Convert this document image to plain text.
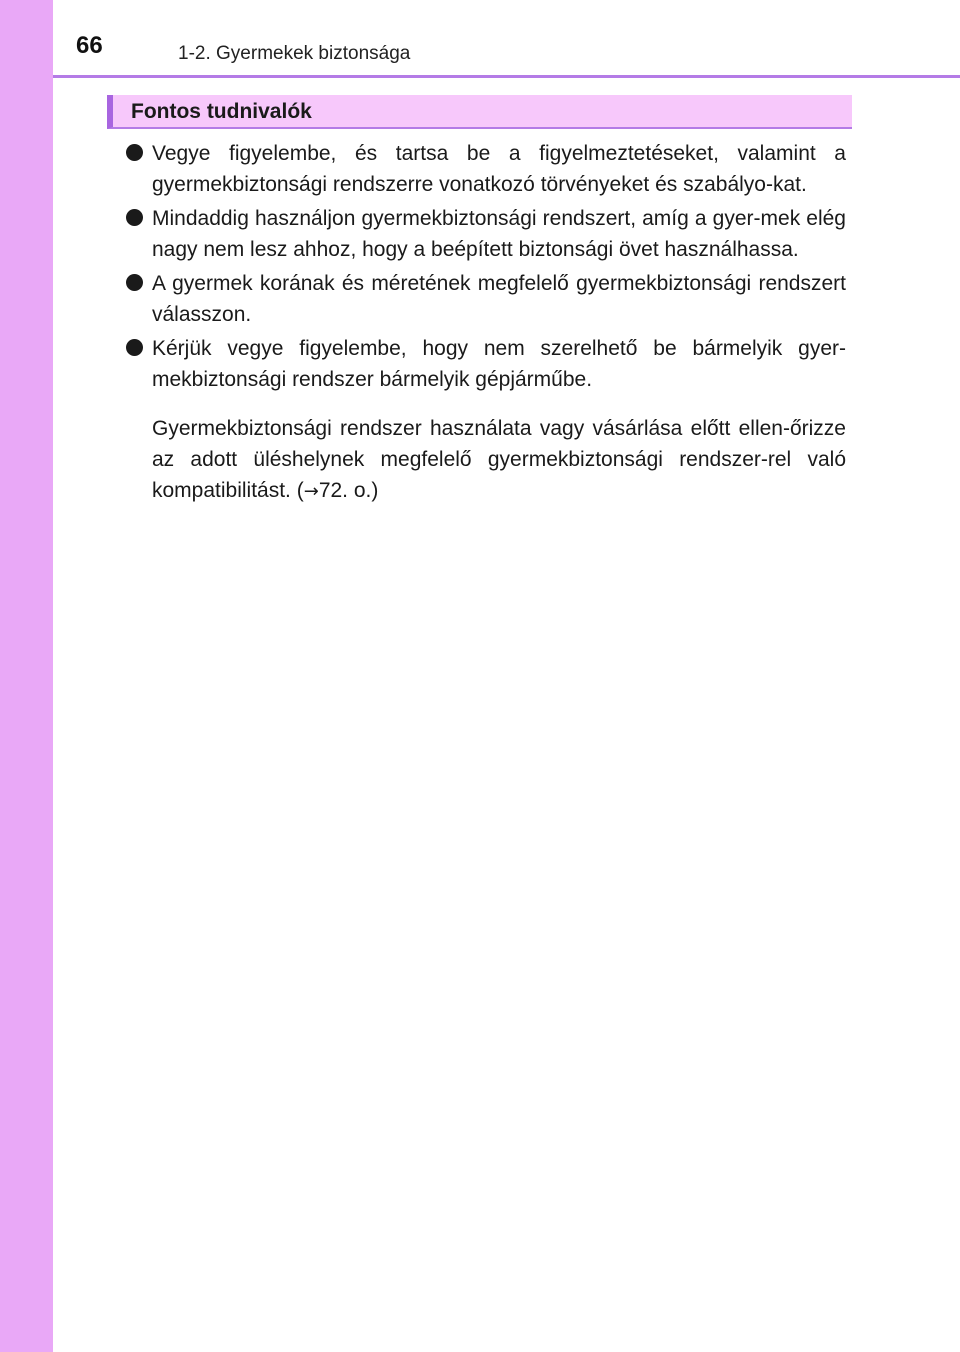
66	1-2. Gyermekek biztonsága
Fontos tudnivalók
Vegye figyelembe, és tartsa be a figyelmeztetéseket, valamint a gyermekbiztonsági rendszerre vonatkozó törvényeket és szabályo-kat.
Mindaddig használjon gyermekbiztonsági rendszert, amíg a gyer-mek elég nagy nem lesz ahhoz, hogy a beépített biztonsági övet használhassa.
A gyermek korának és méretének megfelelő gyermekbiztonsági rendszert válasszon.
Kérjük vegye figyelembe, hogy nem szerelhető be bármelyik gyer-mekbiztonsági rendszer bármelyik gépjárműbe.
Gyermekbiztonsági rendszer használata vagy vásárlása előtt ellen-őrizze az adott üléshelynek megfelelő gyermekbiztonsági rendszer-rel való kompatibilitást. (→72. o.)
